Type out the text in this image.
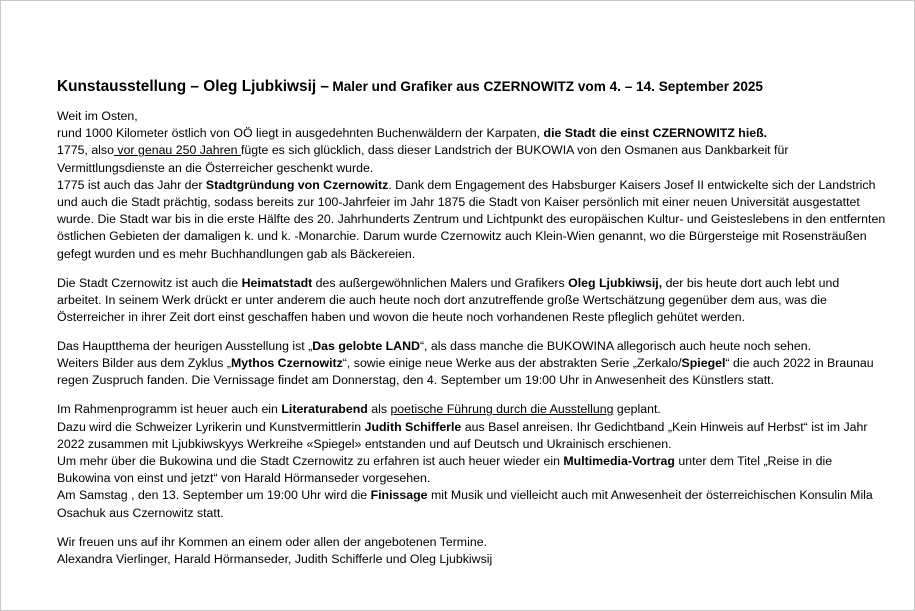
Kunstausstellung – Oleg Ljubkiwsij – Maler und Grafiker aus CZERNOWITZ vom 4. – 14. September 2025

Weit im Osten,
rund 1000 Kilometer östlich von OÖ liegt in ausgedehnten Buchenwäldern der Karpaten, die Stadt die einst CZERNOWITZ hieß.
1775, also vor genau 250 Jahren fügte es sich glücklich, dass dieser Landstrich der BUKOWIA von den Osmanen aus Dankbarkeit für Vermittlungsdienste an die Österreicher geschenkt wurde.
1775 ist auch das Jahr der Stadtgründung von Czernowitz. Dank dem Engagement des Habsburger Kaisers Josef II entwickelte sich der Landstrich und auch die Stadt prächtig, sodass bereits zur 100-Jahrfeier im Jahr 1875 die Stadt von Kaiser persönlich mit einer neuen Universität ausgestattet wurde. Die Stadt war bis in die erste Hälfte des 20. Jahrhunderts Zentrum und Lichtpunkt des europäischen Kultur- und Geisteslebens in den entfernten östlichen Gebieten der damaligen k. und k. -Monarchie. Darum wurde Czernowitz auch Klein-Wien genannt, wo die Bürgersteige mit Rosensträußen gefegt wurden und es mehr Buchhandlungen gab als Bäckereien.

Die Stadt Czernowitz ist auch die Heimatstadt des außergewöhnlichen Malers und Grafikers Oleg Ljubkiwsij, der bis heute dort auch lebt und arbeitet. In seinem Werk drückt er unter anderem die auch heute noch dort anzutreffende große Wertschätzung gegenüber dem aus, was die Österreicher in ihrer Zeit dort einst geschaffen haben und wovon die heute noch vorhandenen Reste pfleglich gehütet werden.

Das Hauptthema der heurigen Ausstellung ist „Das gelobte LAND“, als dass manche die BUKOWINA allegorisch auch heute noch sehen.
Weiters Bilder aus dem Zyklus „Mythos Czernowitz“, sowie einige neue Werke aus der abstrakten Serie „Zerkalo/Spiegel“ die auch 2022 in Braunau regen Zuspruch fanden. Die Vernissage findet am Donnerstag, den 4. September um 19:00 Uhr in Anwesenheit des Künstlers statt.

Im Rahmenprogramm ist heuer auch ein Literaturabend als poetische Führung durch die Ausstellung geplant.
Dazu wird die Schweizer Lyrikerin und Kunstvermittlerin Judith Schifferle aus Basel anreisen. Ihr Gedichtband „Kein Hinweis auf Herbst“ ist im Jahr 2022 zusammen mit Ljubkiwskyys Werkreihe «Spiegel» entstanden und auf Deutsch und Ukrainisch erschienen.
Um mehr über die Bukowina und die Stadt Czernowitz zu erfahren ist auch heuer wieder ein Multimedia-Vortrag unter dem Titel „Reise in die Bukowina von einst und jetzt“ von Harald Hörmanseder vorgesehen.
Am Samstag , den 13. September um 19:00 Uhr wird die Finissage mit Musik und vielleicht auch mit Anwesenheit der österreichischen Konsulin Mila Osachuk aus Czernowitz statt.

Wir freuen uns auf ihr Kommen an einem oder allen der angebotenen Termine.
Alexandra Vierlinger, Harald Hörmanseder, Judith Schifferle und Oleg Ljubkiwsij
